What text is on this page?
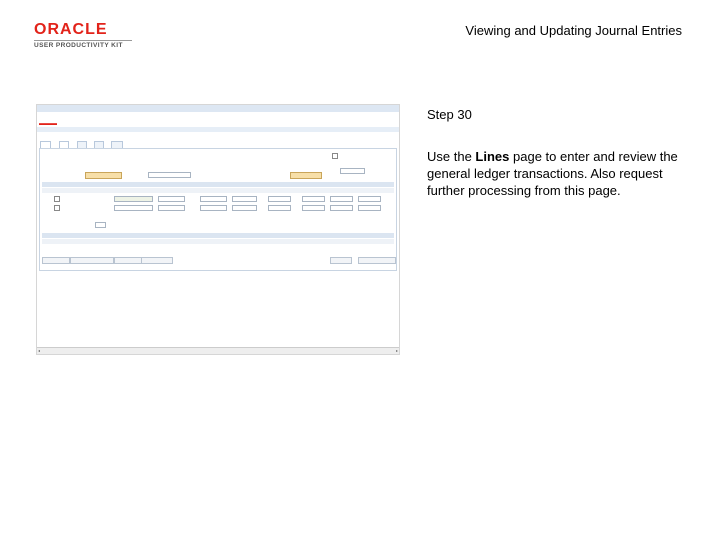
ORACLE
USER PRODUCTIVITY KIT
Viewing and Updating Journal Entries
Step 30
Use the Lines page to enter and review the general ledger transactions. Also request further processing from this page.
▬▬▬

◂	▸
